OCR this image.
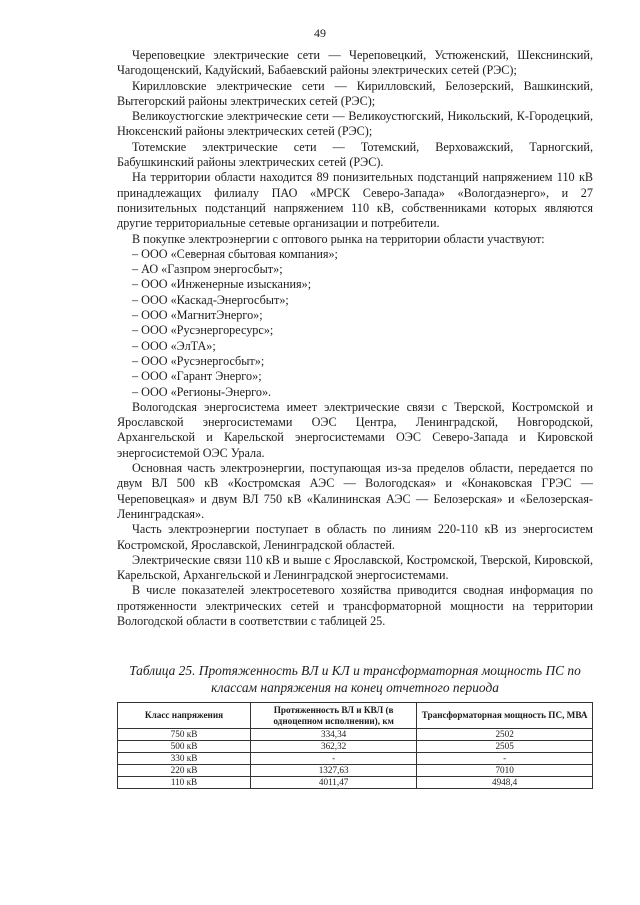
49

Череповецкие электрические сети — Череповецкий, Устюженский, Шекснинский, Чагодощенский, Кадуйский, Бабаевский районы электрических сетей (РЭС);

Кирилловские электрические сети — Кирилловский, Белозерский, Вашкинский, Вытегорский районы электрических сетей (РЭС);

Великоустюгские электрические сети — Великоустюгский, Никольский, К-Городецкий, Нюксенский районы электрических сетей (РЭС);

Тотемские электрические сети — Тотемский, Верховажский, Тарногский, Бабушкинский районы электрических сетей (РЭС).

На территории области находится 89 понизительных подстанций напряжением 110 кВ принадлежащих филиалу ПАО «МРСК Северо-Запада» «Вологдаэнерго», и 27 понизительных подстанций напряжением 110 кВ, собственниками которых являются другие территориальные сетевые организации и потребители.

В покупке электроэнергии с оптового рынка на территории области участвуют:

– ООО «Северная сбытовая компания»;
– АО «Газпром энергосбыт»;
– ООО «Инженерные изыскания»;
– ООО «Каскад-Энергосбыт»;
– ООО «МагнитЭнерго»;
– ООО «Русэнергоресурс»;
– ООО «ЭлТА»;
– ООО «Русэнергосбыт»;
– ООО «Гарант Энерго»;
– ООО «Регионы-Энерго».

Вологодская энергосистема имеет электрические связи с Тверской, Костромской и Ярославской энергосистемами ОЭС Центра, Ленинградской, Новгородской, Архангельской и Карельской энергосистемами ОЭС Северо-Запада и Кировской энергосистемой ОЭС Урала.

Основная часть электроэнергии, поступающая из-за пределов области, передается по двум ВЛ 500 кВ «Костромская АЭС — Вологодская» и «Конаковская ГРЭС — Череповецкая» и двум ВЛ 750 кВ «Калининская АЭС — Белозерская» и «Белозерская-Ленинградская».

Часть электроэнергии поступает в область по линиям 220-110 кВ из энергосистем Костромской, Ярославской, Ленинградской областей.

Электрические связи 110 кВ и выше с Ярославской, Костромской, Тверской, Кировской, Карельской, Архангельской и Ленинградской энергосистемами.

В числе показателей электросетевого хозяйства приводится сводная информация по протяженности электрических сетей и трансформаторной мощности на территории Вологодской области в соответствии с таблицей 25.

Таблица 25. Протяженность ВЛ и КЛ и трансформаторная мощность ПС по классам напряжения на конец отчетного периода
Класс напряжения	Протяженность ВЛ и КВЛ (в одноцепном исполнении), км	Трансформаторная мощность ПС, МВА
750 кВ	334,34	2502
500 кВ	362,32	2505
330 кВ	-	-
220 кВ	1327,63	7010
110 кВ	4011,47	4948,4
